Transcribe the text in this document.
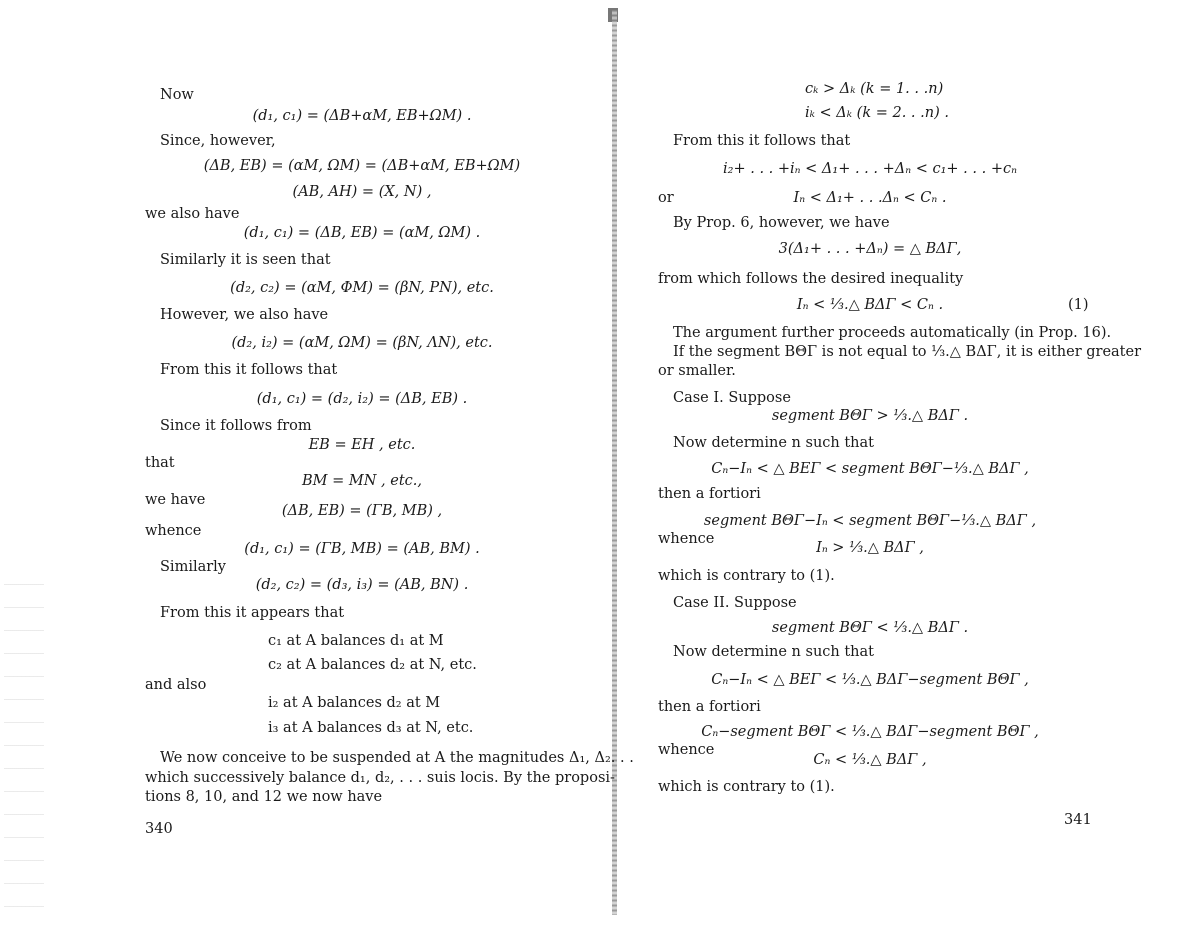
Now
(d₁, c₁) = (ΔB+αM, EB+ΩM) .
Since, however,
(ΔB, EB) = (αM, ΩM) = (ΔB+αM, EB+ΩM)
(AB, AH) = (X, N) ,
we also have
(d₁, c₁) = (ΔB, EB) = (αM, ΩM) .
Similarly it is seen that
(d₂, c₂) = (αM, ΦM) = (βN, PN), etc.
However, we also have
(d₂, i₂) = (αM, ΩM) = (βN, ΛN), etc.
From this it follows that
(d₁, c₁) = (d₂, i₂) = (ΔB, EB) .
Since it follows from
EB = EH , etc.
that
BM = MN , etc.,
we have
(ΔB, EB) = (ΓB, MB) ,
whence
(d₁, c₁) = (ΓB, MB) = (AB, BM) .
Similarly
(d₂, c₂) = (d₃, i₃) = (AB, BN) .
From this it appears that
c₁ at A balances d₁ at M
c₂ at A balances d₂ at N, etc.
and also
i₂ at A balances d₂ at M
i₃ at A balances d₃ at N, etc.
We now conceive to be suspended at A the magnitudes Δ₁, Δ₂. . .
which successively balance d₁, d₂, . . . suis locis. By the proposi-
tions 8, 10, and 12 we now have
340
cₖ > Δₖ (k = 1. . .n)
iₖ < Δₖ (k = 2. . .n) .
From this it follows that
i₂+ . . . +iₙ < Δ₁+ . . . +Δₙ < c₁+ . . . +cₙ
or	Iₙ < Δ₁+ . . .Δₙ < Cₙ .
By Prop. 6, however, we have
3(Δ₁+ . . . +Δₙ) = △ BΔΓ,
from which follows the desired inequality
Iₙ < ⅓.△ BΔΓ < Cₙ .	(1)
The argument further proceeds automatically (in Prop. 16).
If the segment BΘΓ is not equal to ⅓.△ BΔΓ, it is either greater
or smaller.
Case I. Suppose
segment BΘΓ > ⅓.△ BΔΓ .
Now determine n such that
Cₙ−Iₙ < △ BEΓ < segment BΘΓ−⅓.△ BΔΓ ,
then a fortiori
segment BΘΓ−Iₙ < segment BΘΓ−⅓.△ BΔΓ ,
whence
Iₙ > ⅓.△ BΔΓ ,
which is contrary to (1).
Case II. Suppose
segment BΘΓ < ⅓.△ BΔΓ .
Now determine n such that
Cₙ−Iₙ < △ BEΓ < ⅓.△ BΔΓ−segment BΘΓ ,
then a fortiori
Cₙ−segment BΘΓ < ⅓.△ BΔΓ−segment BΘΓ ,
whence
Cₙ < ⅓.△ BΔΓ ,
which is contrary to (1).
341
